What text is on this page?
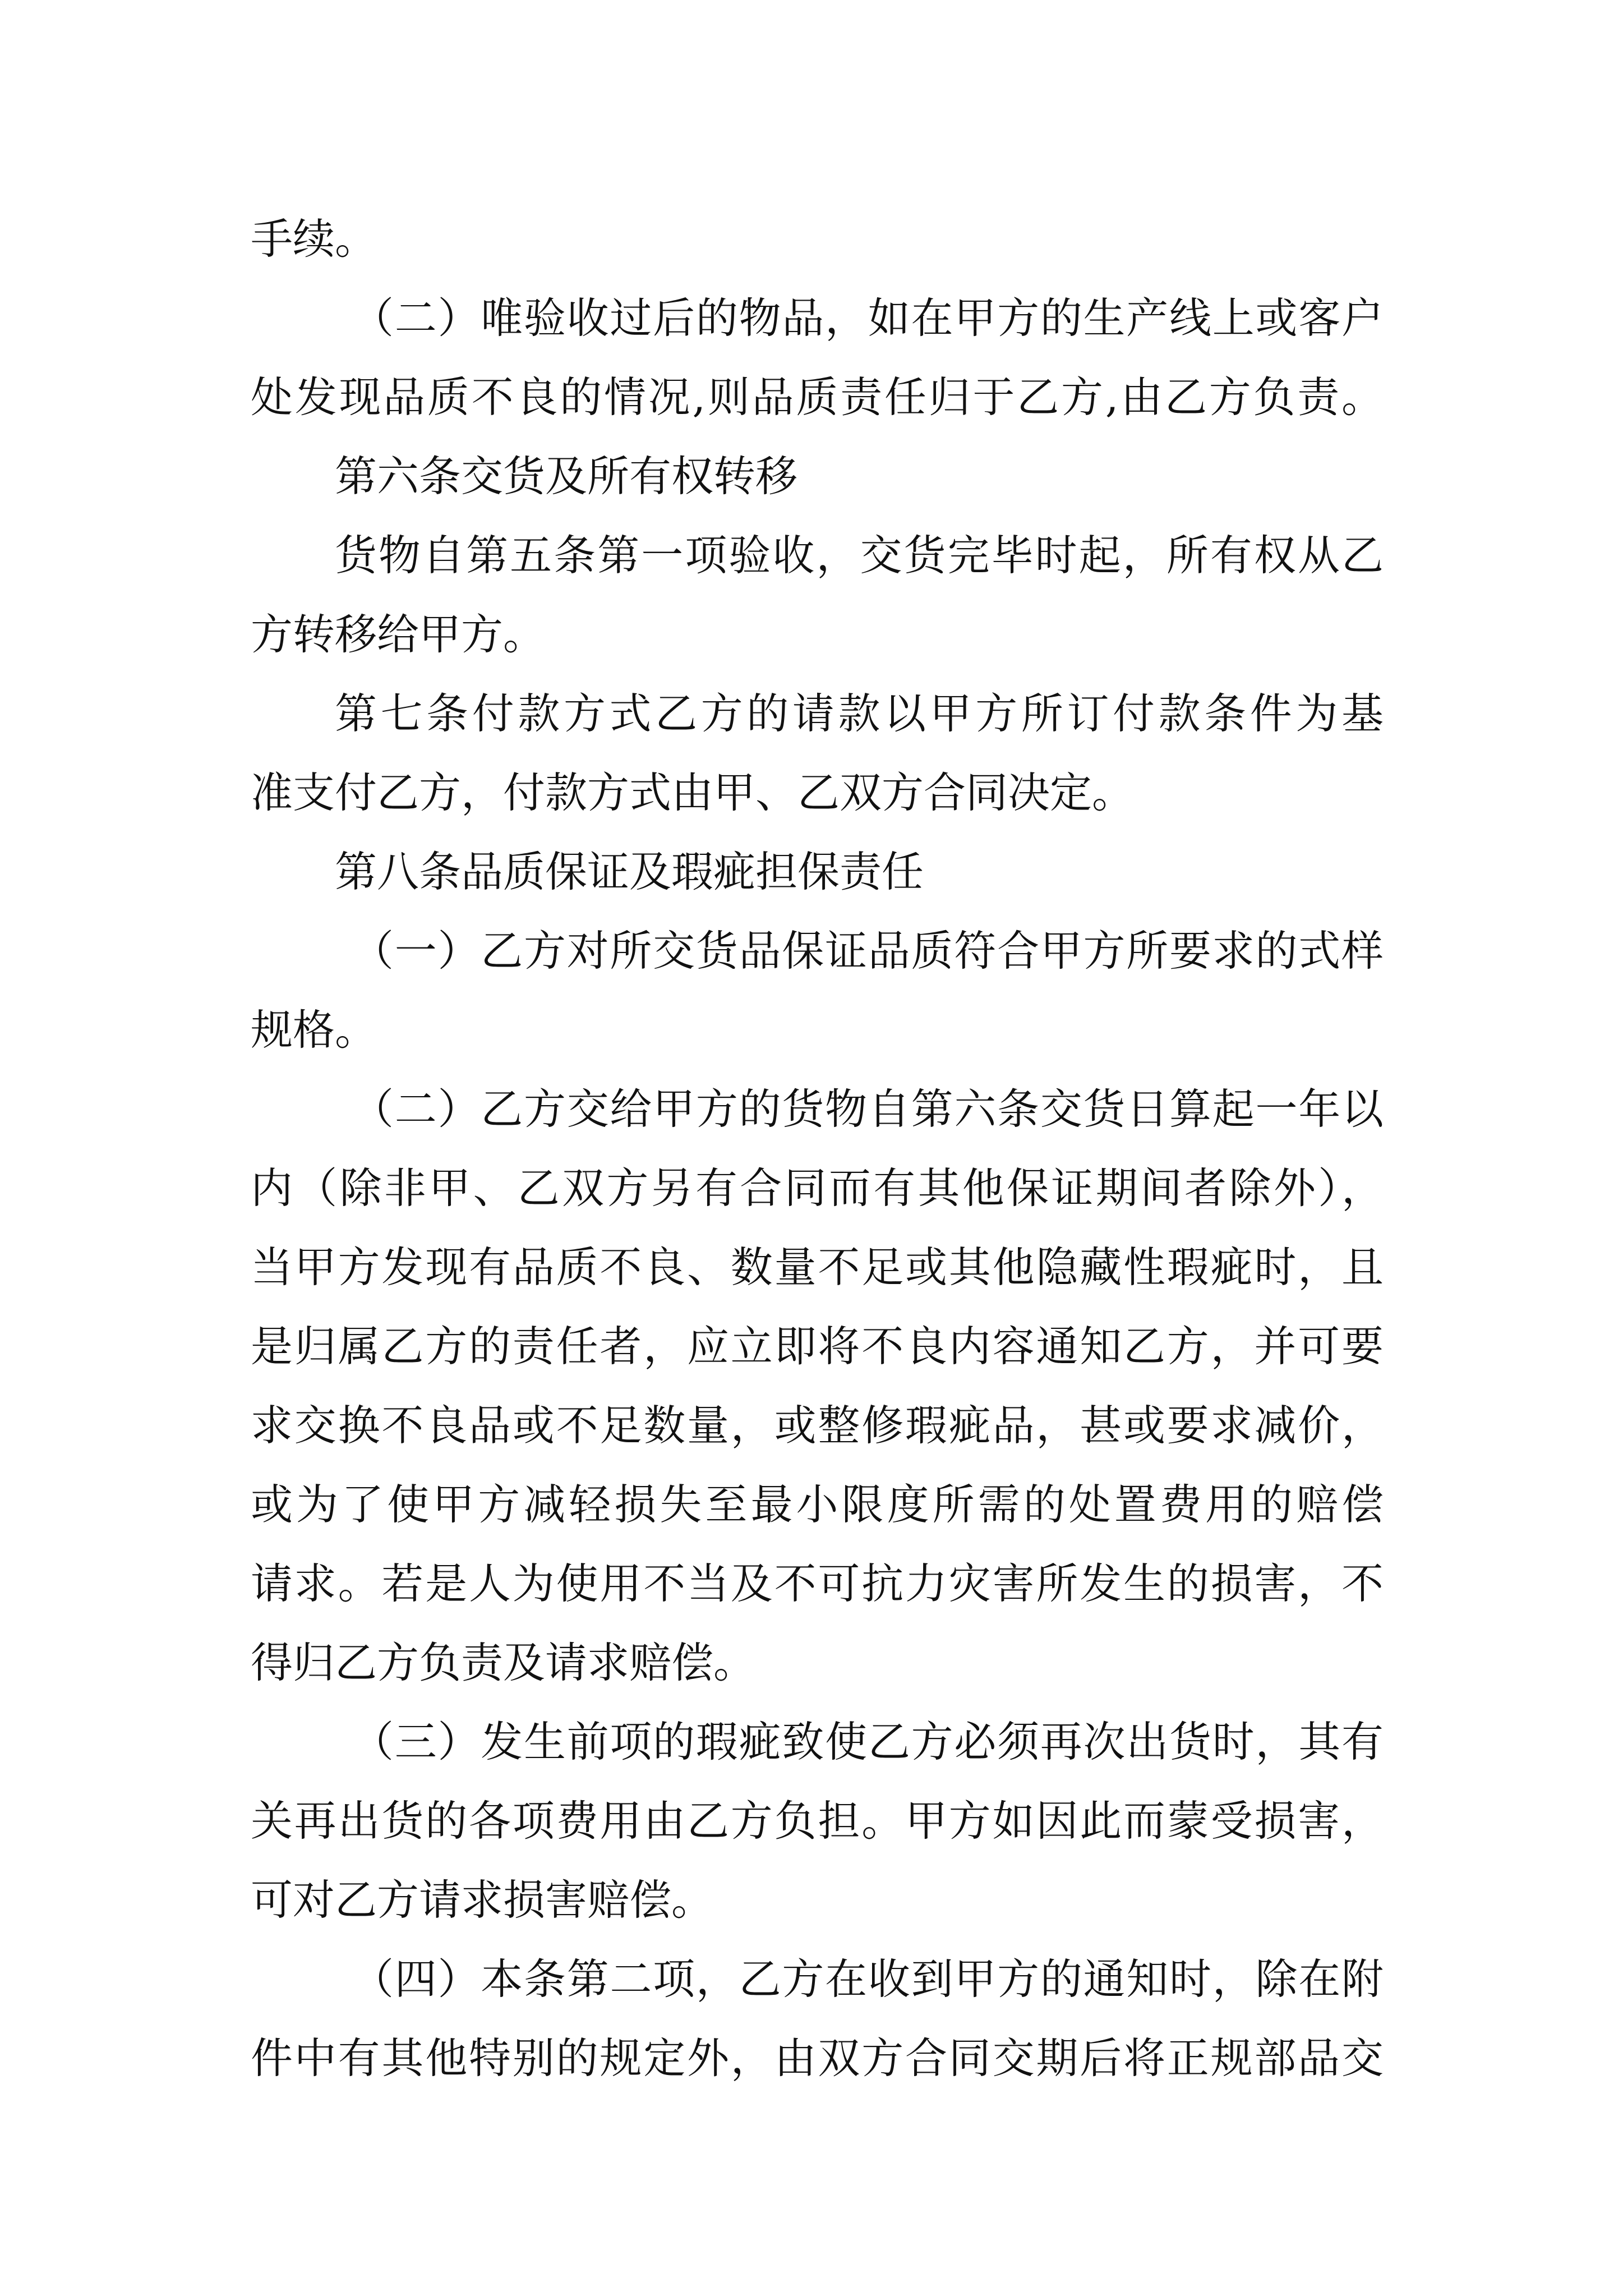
手续。
（二）唯验收过后的物品，如在甲方的生产线上或客户
处发现品质不良的情况,则品质责任归于乙方,由乙方负责。
第六条交货及所有权转移
货物自第五条第一项验收，交货完毕时起，所有权从乙
方转移给甲方。
第七条付款方式乙方的请款以甲方所订付款条件为基
准支付乙方，付款方式由甲、乙双方合同决定。
第八条品质保证及瑕疵担保责任
（一）乙方对所交货品保证品质符合甲方所要求的式样
规格。
（二）乙方交给甲方的货物自第六条交货日算起一年以
内（除非甲、乙双方另有合同而有其他保证期间者除外），
当甲方发现有品质不良、数量不足或其他隐藏性瑕疵时，且
是归属乙方的责任者，应立即将不良内容通知乙方，并可要
求交换不良品或不足数量，或整修瑕疵品，甚或要求减价，
或为了使甲方减轻损失至最小限度所需的处置费用的赔偿
请求。若是人为使用不当及不可抗力灾害所发生的损害，不
得归乙方负责及请求赔偿。
（三）发生前项的瑕疵致使乙方必须再次出货时，其有
关再出货的各项费用由乙方负担。甲方如因此而蒙受损害，
可对乙方请求损害赔偿。
（四）本条第二项，乙方在收到甲方的通知时，除在附
件中有其他特别的规定外，由双方合同交期后将正规部品交
